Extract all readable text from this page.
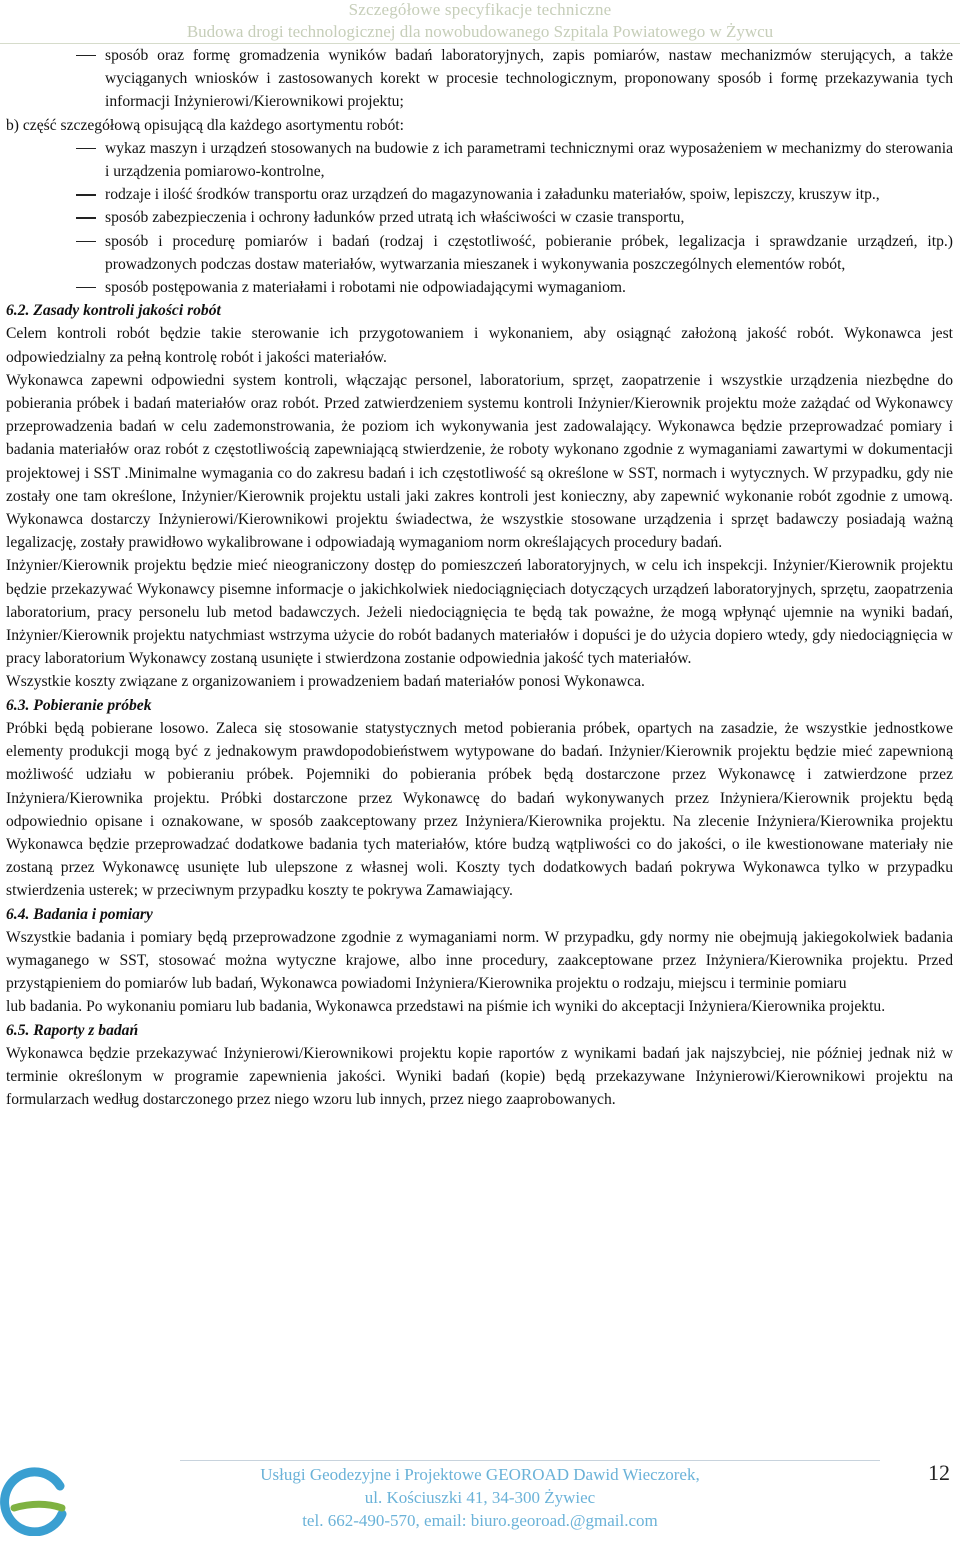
Szczegółowe specyfikacje techniczne
Budowa drogi technologicznej dla nowobudowanego Szpitala Powiatowego w Żywcu

sposób oraz formę gromadzenia wyników badań laboratoryjnych, zapis pomiarów, nastaw mechanizmów sterujących, a także wyciąganych wniosków i zastosowanych korekt w procesie technologicznym, proponowany sposób i formę przekazywania tych informacji Inżynierowi/Kierownikowi projektu;

b) część szczegółową opisującą dla każdego asortymentu robót:

wykaz maszyn i urządzeń stosowanych na budowie z ich parametrami technicznymi oraz wyposażeniem w mechanizmy do sterowania i urządzenia pomiarowo-kontrolne,

rodzaje i ilość środków transportu oraz urządzeń do magazynowania i załadunku materiałów, spoiw, lepiszczy, kruszyw itp.,

sposób zabezpieczenia i ochrony ładunków przed utratą ich właściwości w czasie transportu,

sposób i procedurę pomiarów i badań (rodzaj i częstotliwość, pobieranie próbek, legalizacja i sprawdzanie urządzeń, itp.) prowadzonych podczas dostaw materiałów, wytwarzania mieszanek i wykonywania poszczególnych elementów robót,

sposób postępowania z materiałami i robotami nie odpowiadającymi wymaganiom.

6.2. Zasady kontroli jakości robót

Celem kontroli robót będzie takie sterowanie ich przygotowaniem i wykonaniem, aby osiągnąć założoną jakość robót. Wykonawca jest odpowiedzialny za pełną kontrolę robót i jakości materiałów.

Wykonawca zapewni odpowiedni system kontroli, włączając personel, laboratorium, sprzęt, zaopatrzenie i wszystkie urządzenia niezbędne do pobierania próbek i badań materiałów oraz robót. Przed zatwierdzeniem systemu kontroli Inżynier/Kierownik projektu może zażądać od Wykonawcy przeprowadzenia badań w celu zademonstrowania, że poziom ich wykonywania jest zadowalający. Wykonawca będzie przeprowadzać pomiary i badania materiałów oraz robót z częstotliwością zapewniającą stwierdzenie, że roboty wykonano zgodnie z wymaganiami zawartymi w dokumentacji projektowej i SST .Minimalne wymagania co do zakresu badań i ich częstotliwość są określone w SST, normach i wytycznych. W przypadku, gdy nie zostały one tam określone, Inżynier/Kierownik projektu ustali jaki zakres kontroli jest konieczny, aby zapewnić wykonanie robót zgodnie z umową. Wykonawca dostarczy Inżynierowi/Kierownikowi projektu świadectwa, że wszystkie stosowane urządzenia i sprzęt badawczy posiadają ważną legalizację, zostały prawidłowo wykalibrowane i odpowiadają wymaganiom norm określających procedury badań.

Inżynier/Kierownik projektu będzie mieć nieograniczony dostęp do pomieszczeń laboratoryjnych, w celu ich inspekcji. Inżynier/Kierownik projektu będzie przekazywać Wykonawcy pisemne informacje o jakichkolwiek niedociągnięciach dotyczących urządzeń laboratoryjnych, sprzętu, zaopatrzenia laboratorium, pracy personelu lub metod badawczych. Jeżeli niedociągnięcia te będą tak poważne, że mogą wpłynąć ujemnie na wyniki badań, Inżynier/Kierownik projektu natychmiast wstrzyma użycie do robót badanych materiałów i dopuści je do użycia dopiero wtedy, gdy niedociągnięcia w pracy laboratorium Wykonawcy zostaną usunięte i stwierdzona zostanie odpowiednia jakość tych materiałów.

Wszystkie koszty związane z organizowaniem i prowadzeniem badań materiałów ponosi Wykonawca.

6.3. Pobieranie próbek

Próbki będą pobierane losowo. Zaleca się stosowanie statystycznych metod pobierania próbek, opartych na zasadzie, że wszystkie jednostkowe elementy produkcji mogą być z jednakowym prawdopodobieństwem wytypowane do badań. Inżynier/Kierownik projektu będzie mieć zapewnioną możliwość udziału w pobieraniu próbek. Pojemniki do pobierania próbek będą dostarczone przez Wykonawcę i zatwierdzone przez Inżyniera/Kierownika projektu. Próbki dostarczone przez Wykonawcę do badań wykonywanych przez Inżyniera/Kierownik projektu będą odpowiednio opisane i oznakowane, w sposób zaakceptowany przez Inżyniera/Kierownika projektu. Na zlecenie Inżyniera/Kierownika projektu Wykonawca będzie przeprowadzać dodatkowe badania tych materiałów, które budzą wątpliwości co do jakości, o ile kwestionowane materiały nie zostaną przez Wykonawcę usunięte lub ulepszone z własnej woli. Koszty tych dodatkowych badań pokrywa Wykonawca tylko w przypadku stwierdzenia usterek; w przeciwnym przypadku koszty te pokrywa Zamawiający.

6.4. Badania i pomiary

Wszystkie badania i pomiary będą przeprowadzone zgodnie z wymaganiami norm. W przypadku, gdy normy nie obejmują jakiegokolwiek badania wymaganego w SST, stosować można wytyczne krajowe, albo inne procedury, zaakceptowane przez Inżyniera/Kierownika projektu. Przed przystąpieniem do pomiarów lub badań, Wykonawca powiadomi Inżyniera/Kierownika projektu o rodzaju, miejscu i terminie pomiaru

lub badania. Po wykonaniu pomiaru lub badania, Wykonawca przedstawi na piśmie ich wyniki do akceptacji Inżyniera/Kierownika projektu.

6.5. Raporty z badań

Wykonawca będzie przekazywać Inżynierowi/Kierownikowi projektu kopie raportów z wynikami badań jak najszybciej, nie później jednak niż w terminie określonym w programie zapewnienia jakości. Wyniki badań (kopie) będą przekazywane Inżynierowi/Kierownikowi projektu na formularzach według dostarczonego przez niego wzoru lub innych, przez niego zaaprobowanych.

Usługi Geodezyjne i Projektowe GEOROAD Dawid Wieczorek,
ul. Kościuszki 41, 34-300 Żywiec
tel. 662-490-570, email: biuro.georoad.@gmail.com
12
